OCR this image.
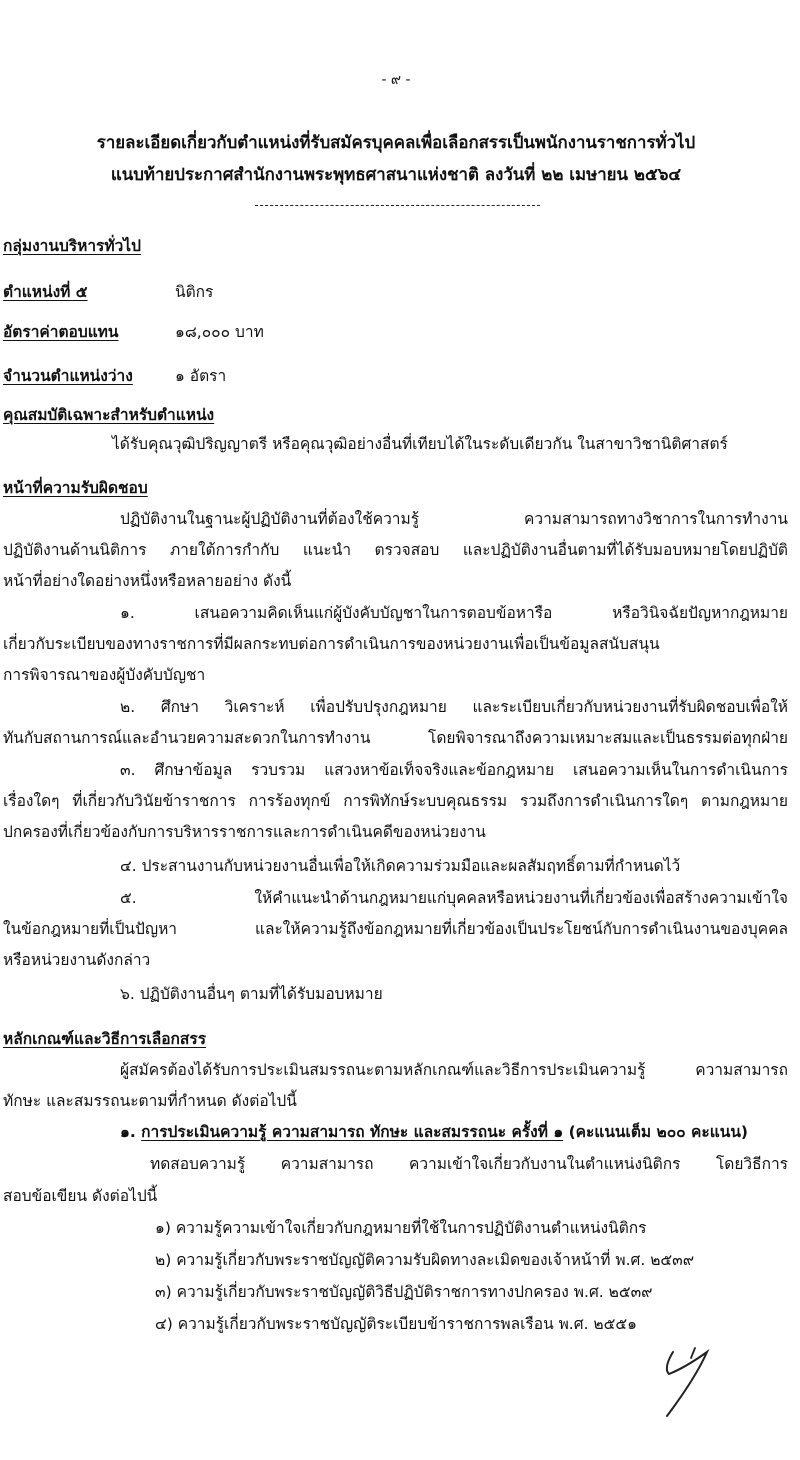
- ๙ -
รายละเอียดเกี่ยวกับตำแหน่งที่รับสมัครบุคคลเพื่อเลือกสรรเป็นพนักงานราชการทั่วไป
แนบท้ายประกาศสำนักงานพระพุทธศาสนาแห่งชาติ ลงวันที่ ๒๒ เมษายน ๒๕๖๔
กลุ่มงานบริหารทั่วไป
ตำแหน่งที่ ๕	นิติกร
อัตราค่าตอบแทน	๑๘,๐๐๐ บาท
จำนวนตำแหน่งว่าง	๑ อัตรา
คุณสมบัติเฉพาะสำหรับตำแหน่ง
ได้รับคุณวุฒิปริญญาตรี หรือคุณวุฒิอย่างอื่นที่เทียบได้ในระดับเดียวกัน ในสาขาวิชานิติศาสตร์
หน้าที่ความรับผิดชอบ
ปฏิบัติงานในฐานะผู้ปฏิบัติงานที่ต้องใช้ความรู้ ความสามารถทางวิชาการในการทำงาน
ปฏิบัติงานด้านนิติการ ภายใต้การกำกับ แนะนำ ตรวจสอบ และปฏิบัติงานอื่นตามที่ได้รับมอบหมายโดยปฏิบัติ
หน้าที่อย่างใดอย่างหนึ่งหรือหลายอย่าง ดังนี้
๑. เสนอความคิดเห็นแก่ผู้บังคับบัญชาในการตอบข้อหารือ หรือวินิจฉัยปัญหากฎหมาย
เกี่ยวกับระเบียบของทางราชการที่มีผลกระทบต่อการดำเนินการของหน่วยงานเพื่อเป็นข้อมูลสนับสนุน
การพิจารณาของผู้บังคับบัญชา
๒. ศึกษา วิเคราะห์ เพื่อปรับปรุงกฎหมาย และระเบียบเกี่ยวกับหน่วยงานที่รับผิดชอบเพื่อให้
ทันกับสถานการณ์และอำนวยความสะดวกในการทำงาน โดยพิจารณาถึงความเหมาะสมและเป็นธรรมต่อทุกฝ่าย
๓. ศึกษาข้อมูล รวบรวม แสวงหาข้อเท็จจริงและข้อกฎหมาย เสนอความเห็นในการดำเนินการ
เรื่องใดๆ ที่เกี่ยวกับวินัยข้าราชการ การร้องทุกข์ การพิทักษ์ระบบคุณธรรม รวมถึงการดำเนินการใดๆ ตามกฎหมาย
ปกครองที่เกี่ยวข้องกับการบริหารราชการและการดำเนินคดีของหน่วยงาน
๔. ประสานงานกับหน่วยงานอื่นเพื่อให้เกิดความร่วมมือและผลสัมฤทธิ์ตามที่กำหนดไว้
๕. ให้คำแนะนำด้านกฎหมายแก่บุคคลหรือหน่วยงานที่เกี่ยวข้องเพื่อสร้างความเข้าใจ
ในข้อกฎหมายที่เป็นปัญหา และให้ความรู้ถึงข้อกฎหมายที่เกี่ยวข้องเป็นประโยชน์กับการดำเนินงานของบุคคล
หรือหน่วยงานดังกล่าว
๖. ปฏิบัติงานอื่นๆ ตามที่ได้รับมอบหมาย
หลักเกณฑ์และวิธีการเลือกสรร
ผู้สมัครต้องได้รับการประเมินสมรรถนะตามหลักเกณฑ์และวิธีการประเมินความรู้ ความสามารถ
ทักษะ และสมรรถนะตามที่กำหนด ดังต่อไปนี้
๑. การประเมินความรู้ ความสามารถ ทักษะ และสมรรถนะ ครั้งที่ ๑ (คะแนนเต็ม ๒๐๐ คะแนน)
ทดสอบความรู้ ความสามารถ ความเข้าใจเกี่ยวกับงานในตำแหน่งนิติกร โดยวิธีการ
สอบข้อเขียน ดังต่อไปนี้
๑) ความรู้ความเข้าใจเกี่ยวกับกฎหมายที่ใช้ในการปฏิบัติงานตำแหน่งนิติกร
๒) ความรู้เกี่ยวกับพระราชบัญญัติความรับผิดทางละเมิดของเจ้าหน้าที่ พ.ศ. ๒๕๓๙
๓) ความรู้เกี่ยวกับพระราชบัญญัติวิธีปฏิบัติราชการทางปกครอง พ.ศ. ๒๕๓๙
๔) ความรู้เกี่ยวกับพระราชบัญญัติระเบียบข้าราชการพลเรือน พ.ศ. ๒๕๕๑
